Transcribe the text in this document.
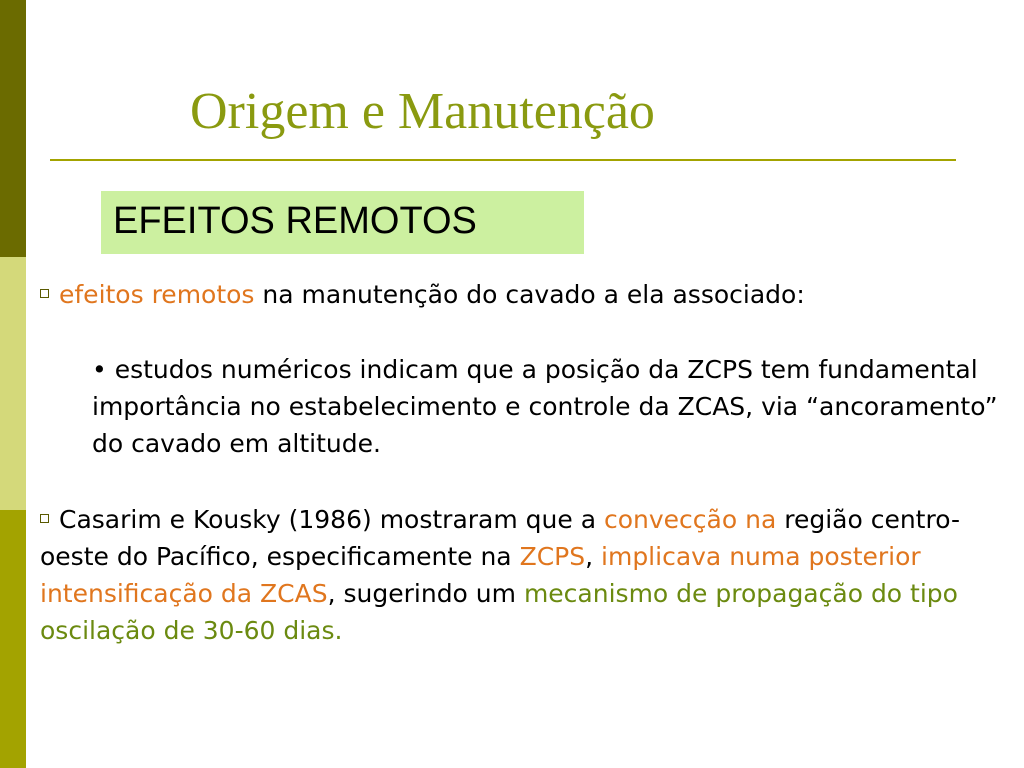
Origem e Manutenção
EFEITOS REMOTOS
efeitos remotos na manutenção do cavado a ela associado:
• estudos numéricos indicam que a posição da ZCPS tem fundamental importância no estabelecimento e controle da ZCAS, via “ancoramento” do cavado em altitude.
Casarim e Kousky (1986) mostraram que a convecção na região centro-oeste do Pacífico, especificamente na ZCPS, implicava numa posterior intensificação da ZCAS, sugerindo um mecanismo de propagação do tipo oscilação de 30-60 dias.
